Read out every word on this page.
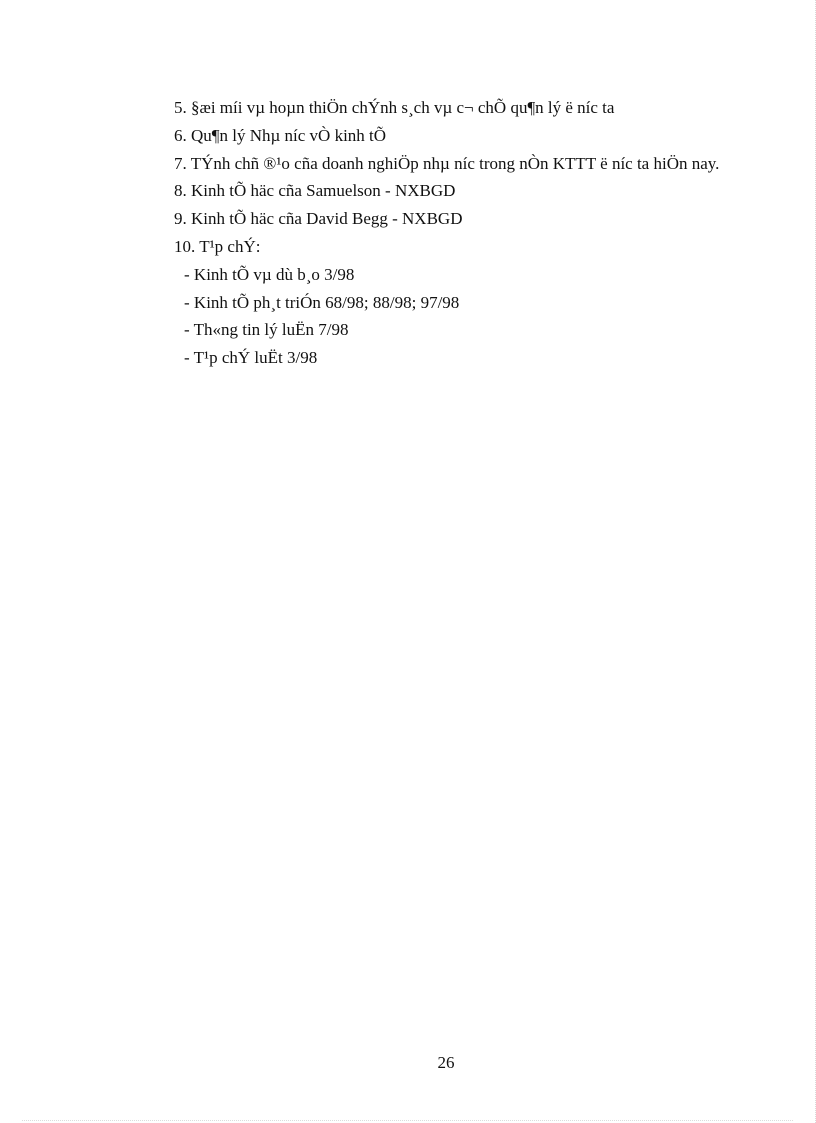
5. §æi míi vµ hoµn thiÖn chÝnh s¸ch vµ c¬ chÕ qu¶n lý ë níc ta
6. Qu¶n lý Nhµ níc vÒ kinh tÕ
7. TÝnh chñ ®¹o cña doanh nghiÖp nhµ níc trong nÒn KTTT ë níc ta hiÖn nay.
8. Kinh tÕ häc cña Samuelson - NXBGD
9. Kinh tÕ häc cña David Begg - NXBGD
10. T¹p chÝ:
- Kinh tÕ vµ dù b¸o 3/98
- Kinh tÕ ph¸t triÓn 68/98; 88/98; 97/98
- Th«ng tin lý luËn 7/98
- T¹p chÝ luËt 3/98
26
